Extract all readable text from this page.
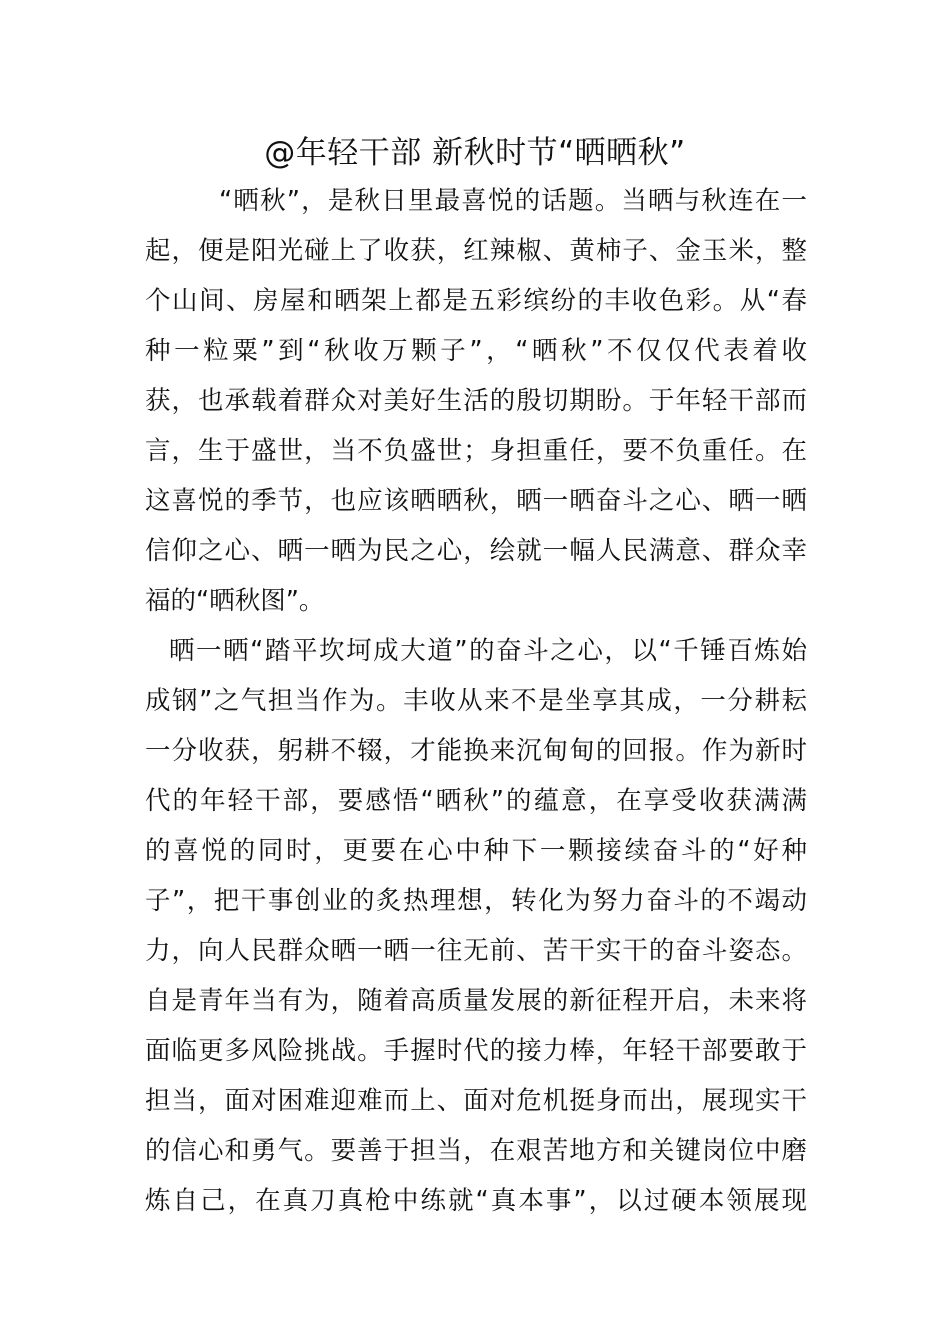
@年轻干部 新秋时节“晒晒秋”
“晒秋”，是秋日里最喜悦的话题。当晒与秋连在一
起，便是阳光碰上了收获，红辣椒、黄柿子、金玉米，整
个山间、房屋和晒架上都是五彩缤纷的丰收色彩。从“春
种一粒粟”到“秋收万颗子”，“晒秋”不仅仅代表着收
获，也承载着群众对美好生活的殷切期盼。于年轻干部而
言，生于盛世，当不负盛世；身担重任，要不负重任。在
这喜悦的季节，也应该晒晒秋，晒一晒奋斗之心、晒一晒
信仰之心、晒一晒为民之心，绘就一幅人民满意、群众幸
福的“晒秋图”。
晒一晒“踏平坎坷成大道”的奋斗之心，以“千锤百炼始
成钢”之气担当作为。丰收从来不是坐享其成，一分耕耘
一分收获，躬耕不辍，才能换来沉甸甸的回报。作为新时
代的年轻干部，要感悟“晒秋”的蕴意，在享受收获满满
的喜悦的同时，更要在心中种下一颗接续奋斗的“好种
子”，把干事创业的炙热理想，转化为努力奋斗的不竭动
力，向人民群众晒一晒一往无前、苦干实干的奋斗姿态。
自是青年当有为，随着高质量发展的新征程开启，未来将
面临更多风险挑战。手握时代的接力棒，年轻干部要敢于
担当，面对困难迎难而上、面对危机挺身而出，展现实干
的信心和勇气。要善于担当，在艰苦地方和关键岗位中磨
炼自己，在真刀真枪中练就“真本事”，以过硬本领展现
